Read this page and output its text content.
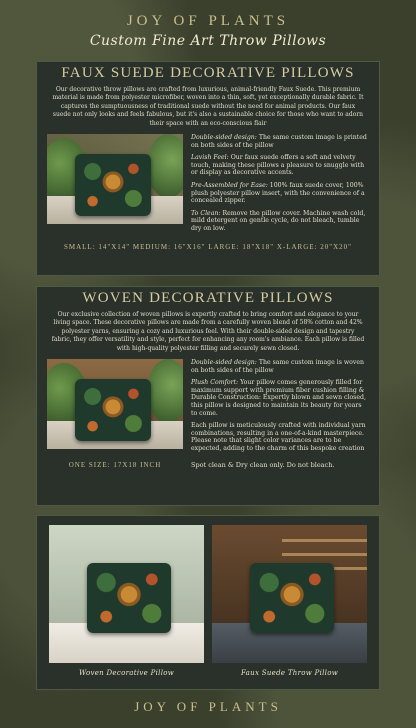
JOY OF PLANTS
Custom Fine Art Throw Pillows
FAUX SUEDE DECORATIVE PILLOWS
Our decorative throw pillows are crafted from luxurious, animal-friendly Faux Suede. This premium material is made from polyester microfiber, woven into a thin, soft, yet exceptionally durable fabric. It captures the sumptuousness of traditional suede without the need for animal products. Our faux suede not only looks and feels fabulous, but it's also a sustainable choice for those who want to adorn their space with an eco-conscious flair

Double-sided design: The same custom image is printed on both sides of the pillow

Lavish Feel: Our faux suede offers a soft and velvety touch, making these pillows a pleasure to snuggle with or display as decorative accents.

Pre-Assembled for Ease: 100% faux suede cover, 100% plush polyester pillow insert, with the convenience of a concealed zipper.

To Clean: Remove the pillow cover. Machine wash cold, mild detergent on gentle cycle, do not bleach, tumble dry on low.

SMALL: 14"X14" MEDIUM: 16"X16" LARGE: 18"X18" X-LARGE: 20"X20"
WOVEN DECORATIVE PILLOWS
Our exclusive collection of woven pillows is expertly crafted to bring comfort and elegance to your living space. These decorative pillows are made from a carefully woven blend of 58% cotton and 42% polyester yarns, ensuring a cozy and luxurious feel. With their double-sided design and tapestry fabric, they offer versatility and style, perfect for enhancing any room's ambiance. Each pillow is filled with high-quality polyester filling and securely sewn closed.

Double-sided design: The same custom image is woven on both sides of the pillow

Plush Comfort: Your pillow comes generously filled for maximum support with premium fiber cushion filling & Durable Construction: Expertly blown and sewn closed, this pillow is designed to maintain its beauty for years to come.

Each pillow is meticulously crafted with individual yarn combinations, resulting in a one-of-a-kind masterpiece. Please note that slight color variances are to be expected, adding to the charm of this bespoke creation

ONE SIZE: 17X18 INCH	Spot clean & Dry clean only. Do not bleach.
Woven Decorative Pillow	Faux Suede Throw Pillow
JOY OF PLANTS
